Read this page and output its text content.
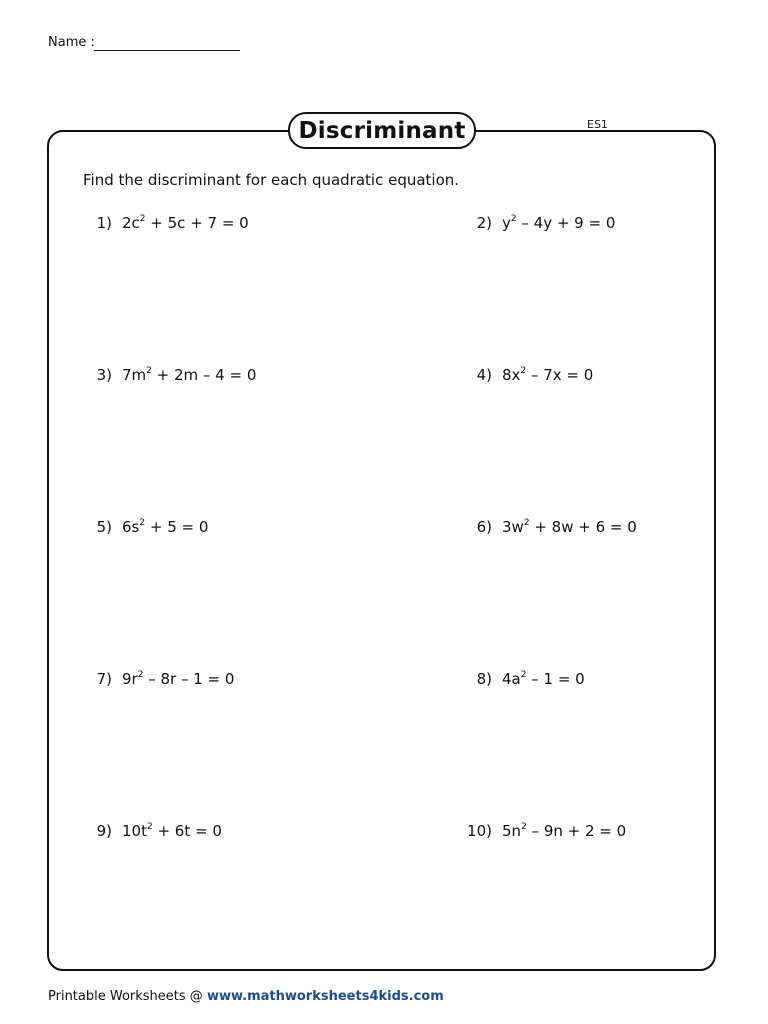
Name :
Discriminant	ES1
Find the discriminant for each quadratic equation.
1) $2c^2 + 5c + 7 = 0$	2) $y^2 - 4y + 9 = 0$
3) $7m^2 + 2m - 4 = 0$	4) $8x^2 - 7x = 0$
5) $6s^2 + 5 = 0$	6) $3w^2 + 8w + 6 = 0$
7) $9r^2 - 8r - 1 = 0$	8) $4a^2 - 1 = 0$
9) $10t^2 + 6t = 0$	10) $5n^2 - 9n + 2 = 0$
Printable Worksheets @ www.mathworksheets4kids.com
